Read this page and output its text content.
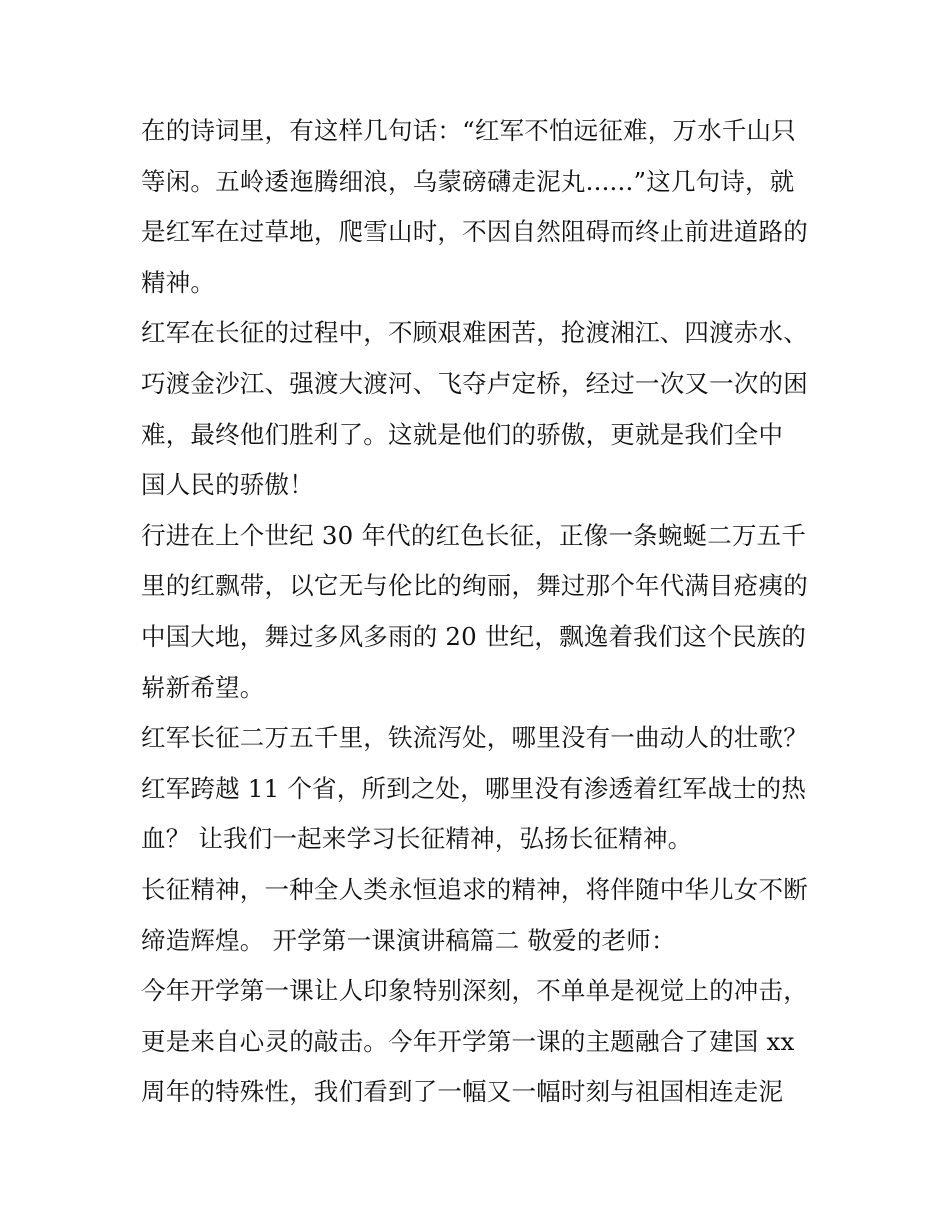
在的诗词里，有这样几句话：“红军不怕远征难，万水千山只
等闲。五岭逶迤腾细浪，乌蒙磅礴走泥丸......”这几句诗，就
是红军在过草地，爬雪山时，不因自然阻碍而终止前进道路的
精神。
红军在长征的过程中，不顾艰难困苦，抢渡湘江、四渡赤水、
巧渡金沙江、强渡大渡河、飞夺卢定桥，经过一次又一次的困
难，最终他们胜利了。这就是他们的骄傲，更就是我们全中
国人民的骄傲！
行进在上个世纪 30 年代的红色长征，正像一条蜿蜒二万五千
里的红飘带，以它无与伦比的绚丽，舞过那个年代满目疮痍的
中国大地，舞过多风多雨的 20 世纪，飘逸着我们这个民族的
崭新希望。
红军长征二万五千里，铁流泻处，哪里没有一曲动人的壮歌？
红军跨越 11 个省，所到之处，哪里没有渗透着红军战士的热
血？ 让我们一起来学习长征精神，弘扬长征精神。
长征精神，一种全人类永恒追求的精神，将伴随中华儿女不断
缔造辉煌。 开学第一课演讲稿篇二 敬爱的老师：
今年开学第一课让人印象特别深刻，不单单是视觉上的冲击，
更是来自心灵的敲击。今年开学第一课的主题融合了建国 xx
周年的特殊性，我们看到了一幅又一幅时刻与祖国相连走泥
